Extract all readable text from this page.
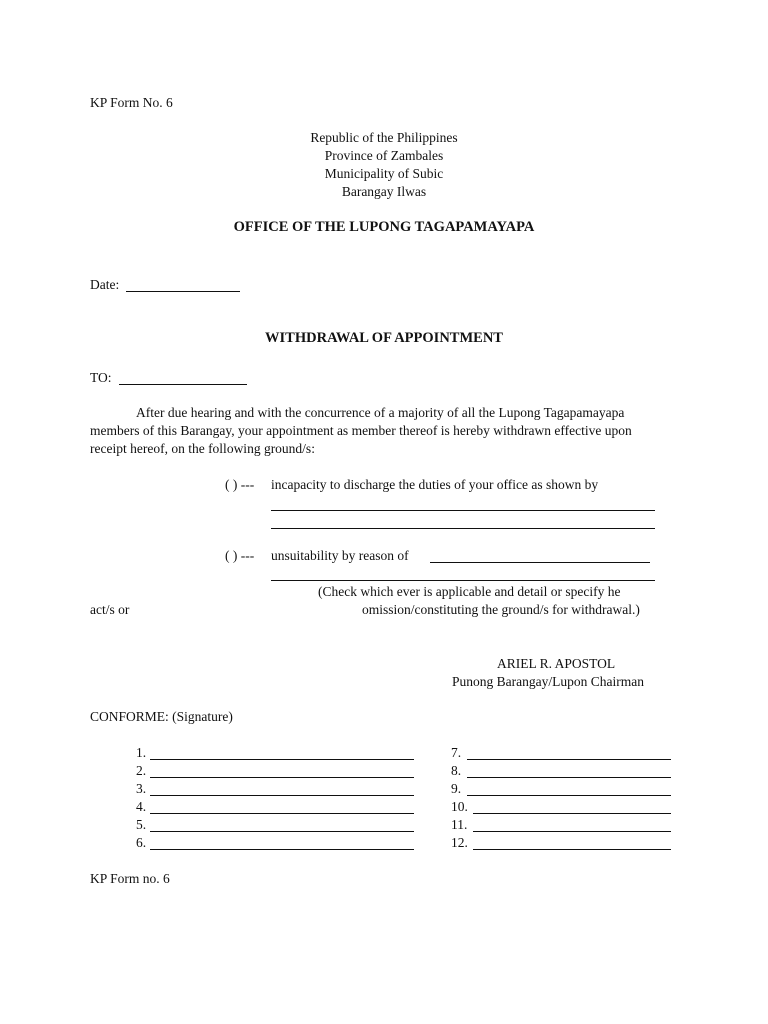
KP Form No. 6
Republic of the Philippines
Province of Zambales
Municipality of Subic
Barangay Ilwas
OFFICE OF THE LUPONG TAGAPAMAYAPA
Date:
WITHDRAWAL OF APPOINTMENT
TO:
After due hearing and with the concurrence of a majority of all the Lupong Tagapamayapa members of this Barangay, your appointment as member thereof is hereby withdrawn effective upon receipt hereof, on the following ground/s:
( ) --- incapacity to discharge the duties of your office as shown by
( ) --- unsuitability by reason of
(Check which ever is applicable and detail or specify he
act/s or	omission/constituting the ground/s for withdrawal.)
ARIEL R. APOSTOL
Punong Barangay/Lupon Chairman
CONFORME: (Signature)
1.
2.
3.
4.
5.
6.
7.
8.
9.
10.
11.
12.
KP Form no. 6
